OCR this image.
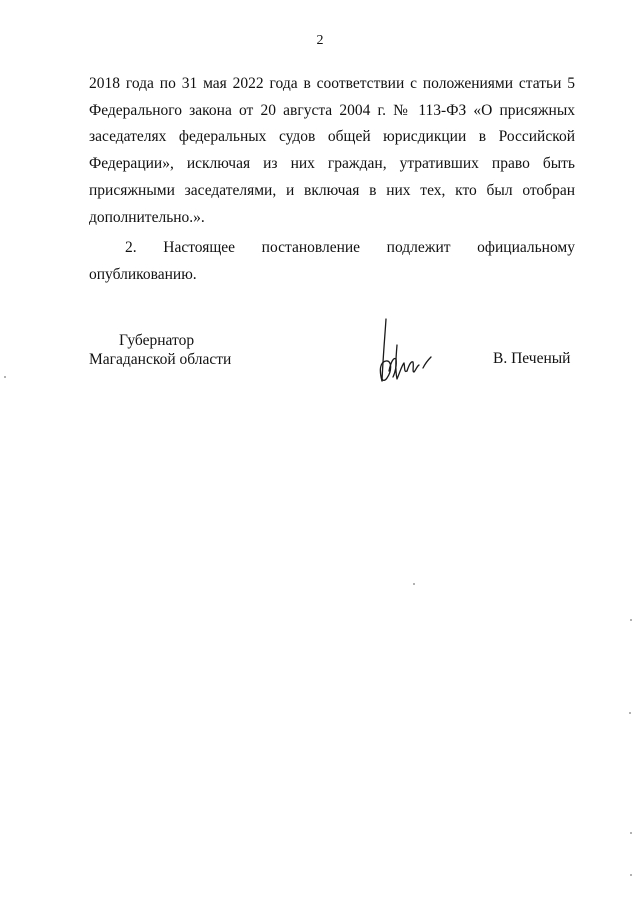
2
2018 года по 31 мая 2022 года в соответствии с положениями статьи 5
Федерального закона от 20 августа 2004 г. № 113-ФЗ «О присяжных
заседателях федеральных судов общей юрисдикции в Российской
Федерации», исключая из них граждан, утративших право быть
присяжными заседателями, и включая в них тех, кто был отобран
дополнительно.».
2. Настоящее постановление подлежит официальному
опубликованию.
Губернатор
Магаданской области	В. Печеный
